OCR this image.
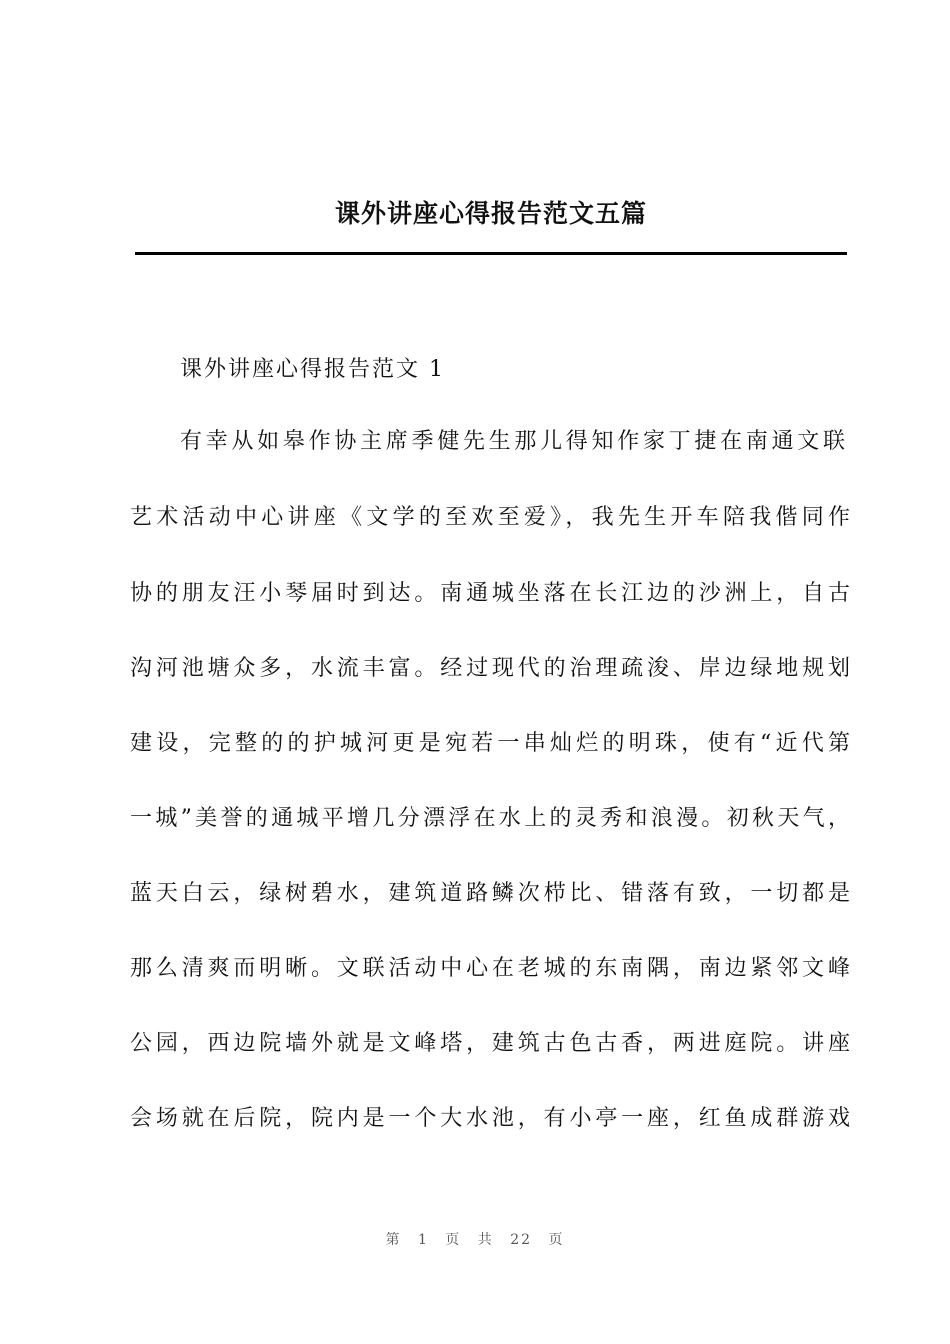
课外讲座心得报告范文五篇
课外讲座心得报告范文 1
有幸从如皋作协主席季健先生那儿得知作家丁捷在南通文联
艺术活动中心讲座《文学的至欢至爱》，我先生开车陪我偕同作
协的朋友汪小琴届时到达。南通城坐落在长江边的沙洲上，自古
沟河池塘众多，水流丰富。经过现代的治理疏浚、岸边绿地规划
建设，完整的的护城河更是宛若一串灿烂的明珠，使有“近代第
一城”美誉的通城平增几分漂浮在水上的灵秀和浪漫。初秋天气，
蓝天白云，绿树碧水，建筑道路鳞次栉比、错落有致，一切都是
那么清爽而明晰。文联活动中心在老城的东南隅，南边紧邻文峰
公园，西边院墙外就是文峰塔，建筑古色古香，两进庭院。讲座
会场就在后院，院内是一个大水池，有小亭一座，红鱼成群游戏
第 1 页 共 22 页
